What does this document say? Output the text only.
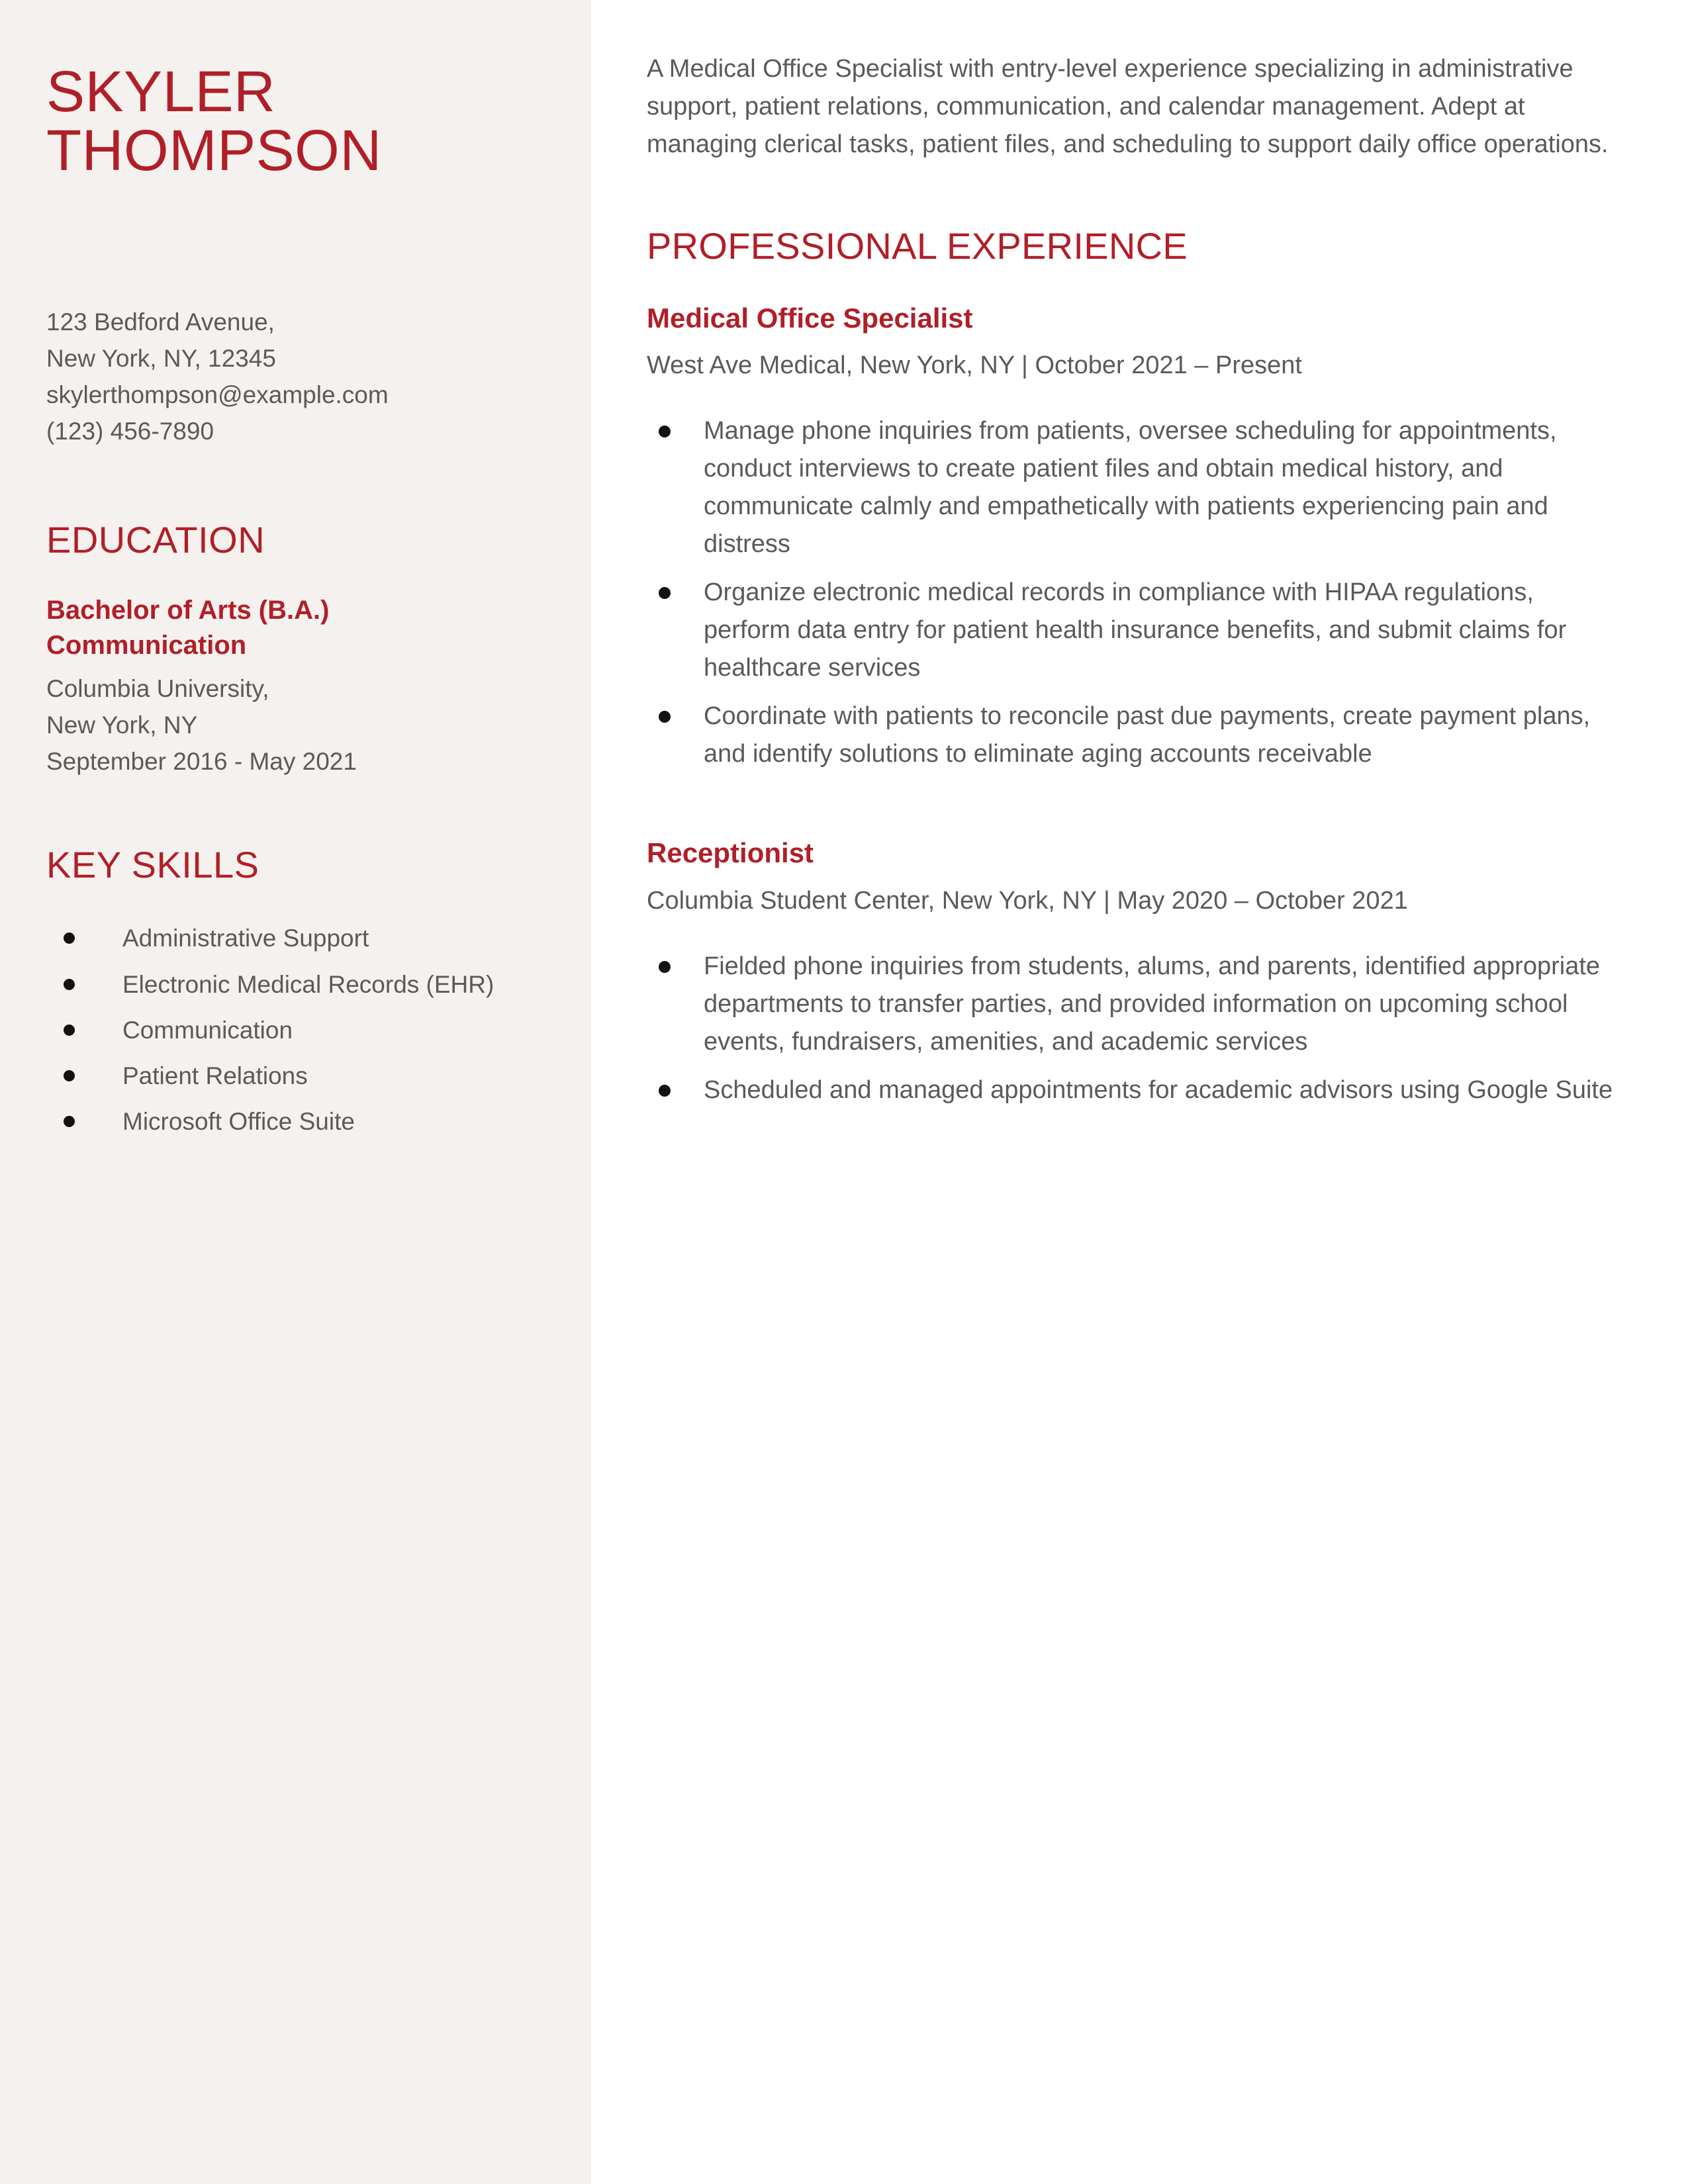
SKYLER
THOMPSON
123 Bedford Avenue,
New York, NY, 12345
skylerthompson@example.com
(123) 456-7890
EDUCATION
Bachelor of Arts (B.A.)
Communication
Columbia University,
New York, NY
September 2016 - May 2021
KEY SKILLS
Administrative Support
Electronic Medical Records (EHR)
Communication
Patient Relations
Microsoft Office Suite

A Medical Office Specialist with entry-level experience specializing in administrative support, patient relations, communication, and calendar management. Adept at managing clerical tasks, patient files, and scheduling to support daily office operations.

PROFESSIONAL EXPERIENCE
Medical Office Specialist
West Ave Medical, New York, NY | October 2021 – Present
Manage phone inquiries from patients, oversee scheduling for appointments, conduct interviews to create patient files and obtain medical history, and communicate calmly and empathetically with patients experiencing pain and distress
Organize electronic medical records in compliance with HIPAA regulations, perform data entry for patient health insurance benefits, and submit claims for healthcare services
Coordinate with patients to reconcile past due payments, create payment plans, and identify solutions to eliminate aging accounts receivable
Receptionist
Columbia Student Center, New York, NY | May 2020 – October 2021
Fielded phone inquiries from students, alums, and parents, identified appropriate departments to transfer parties, and provided information on upcoming school events, fundraisers, amenities, and academic services
Scheduled and managed appointments for academic advisors using Google Suite
